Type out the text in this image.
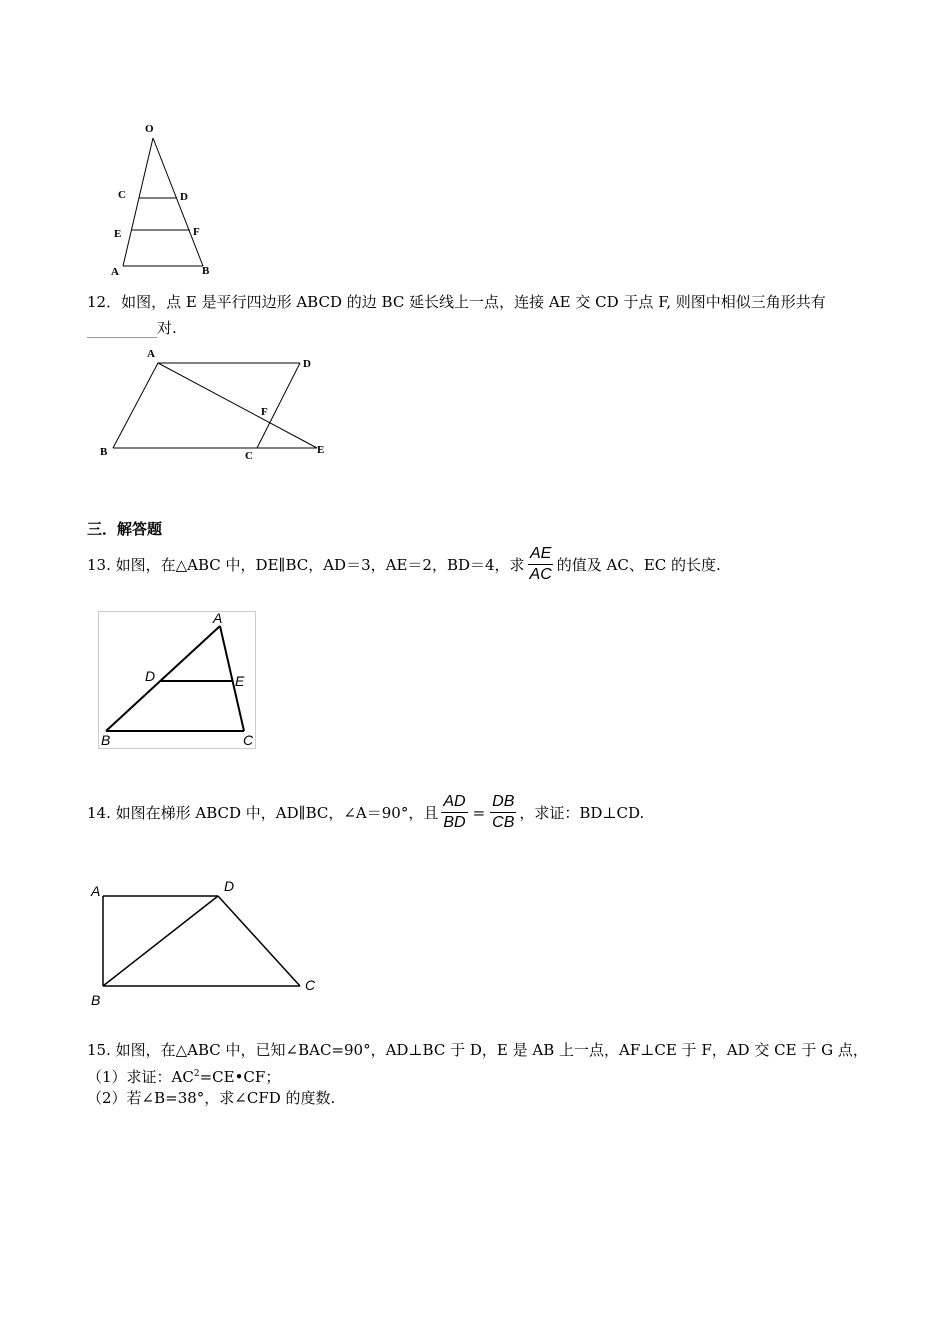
O
C	D
E	F
A	B
12．如图，点 E 是平行四边形 ABCD 的边 BC 延长线上一点，连接 AE 交 CD 于点 F, 则图中相似三角形共有
对.
A
D
F
B	C	E
三．解答题
13. 如图，在△ABC 中，DE∥BC，AD＝3，AE＝2，BD＝4，求 $\frac{AE}{AC}$ 的值及 AC、EC 的长度.
A
D	E
B	C
14. 如图在梯形 ABCD 中，AD∥BC，∠A＝90°，且 $\frac{AD}{BD} = \frac{DB}{CB}$ ，求证：BD⊥CD.
A	D
B
C
15. 如图，在△ABC 中，已知∠BAC=90°，AD⊥BC 于 D，E 是 AB 上一点，AF⊥CE 于 F，AD 交 CE 于 G 点，
（1）求证：$AC^2=CE•CF$；
（2）若∠B=38°，求∠CFD 的度数.
